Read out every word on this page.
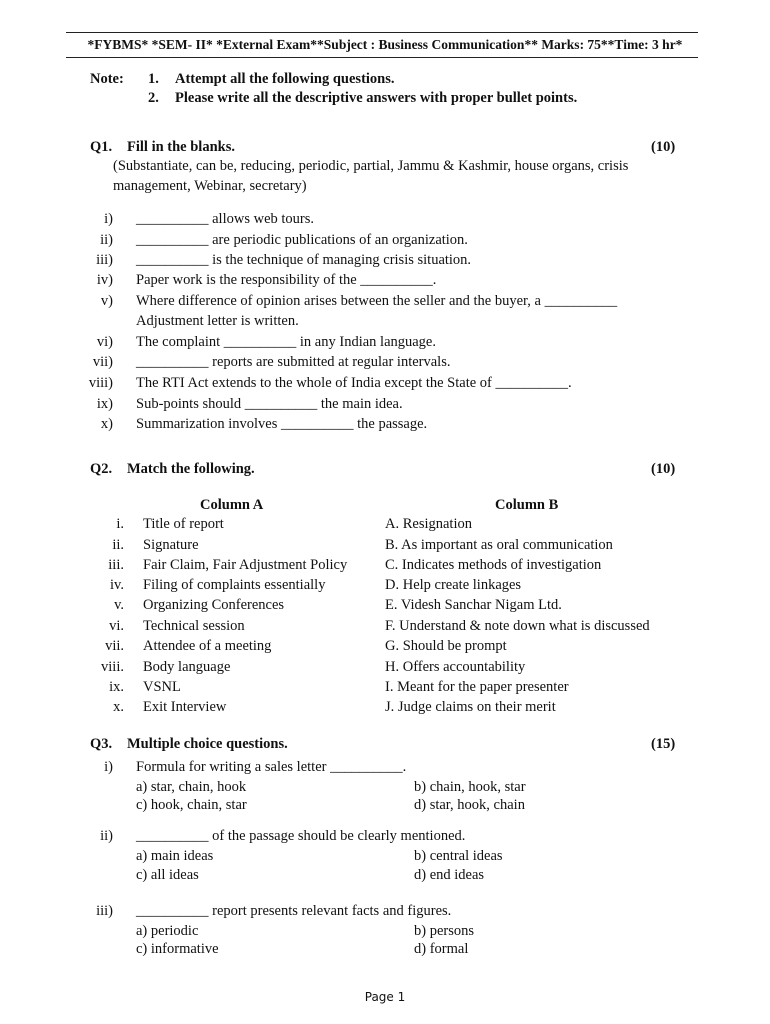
*FYBMS* *SEM- II* *External Exam**Subject : Business Communication** Marks: 75**Time: 3 hr*
Note: 1. Attempt all the following questions.
2. Please write all the descriptive answers with proper bullet points.
Q1. Fill in the blanks.	(10)
(Substantiate, can be, reducing, periodic, partial, Jammu & Kashmir, house organs, crisis
management, Webinar, secretary)
i) __________ allows web tours.
ii) __________ are periodic publications of an organization.
iii) __________ is the technique of managing crisis situation.
iv) Paper work is the responsibility of the __________.
v) Where difference of opinion arises between the seller and the buyer, a __________
Adjustment letter is written.
vi) The complaint __________ in any Indian language.
vii) __________ reports are submitted at regular intervals.
viii) The RTI Act extends to the whole of India except the State of __________.
ix) Sub-points should __________ the main idea.
x) Summarization involves __________ the passage.
Q2. Match the following.	(10)
Column A	Column B
i. Title of report	A. Resignation
ii. Signature	B. As important as oral communication
iii. Fair Claim, Fair Adjustment Policy	C. Indicates methods of investigation
iv. Filing of complaints essentially	D. Help create linkages
v. Organizing Conferences	E. Videsh Sanchar Nigam Ltd.
vi. Technical session	F. Understand & note down what is discussed
vii. Attendee of a meeting	G. Should be prompt
viii. Body language	H. Offers accountability
ix. VSNL	I. Meant for the paper presenter
x. Exit Interview	J. Judge claims on their merit
Q3. Multiple choice questions.	(15)
i) Formula for writing a sales letter __________.
a) star, chain, hook	b) chain, hook, star
c) hook, chain, star	d) star, hook, chain
ii) __________ of the passage should be clearly mentioned.
a) main ideas	b) central ideas
c) all ideas	d) end ideas
iii) __________ report presents relevant facts and figures.
a) periodic	b) persons
c) informative	d) formal
Page 1
